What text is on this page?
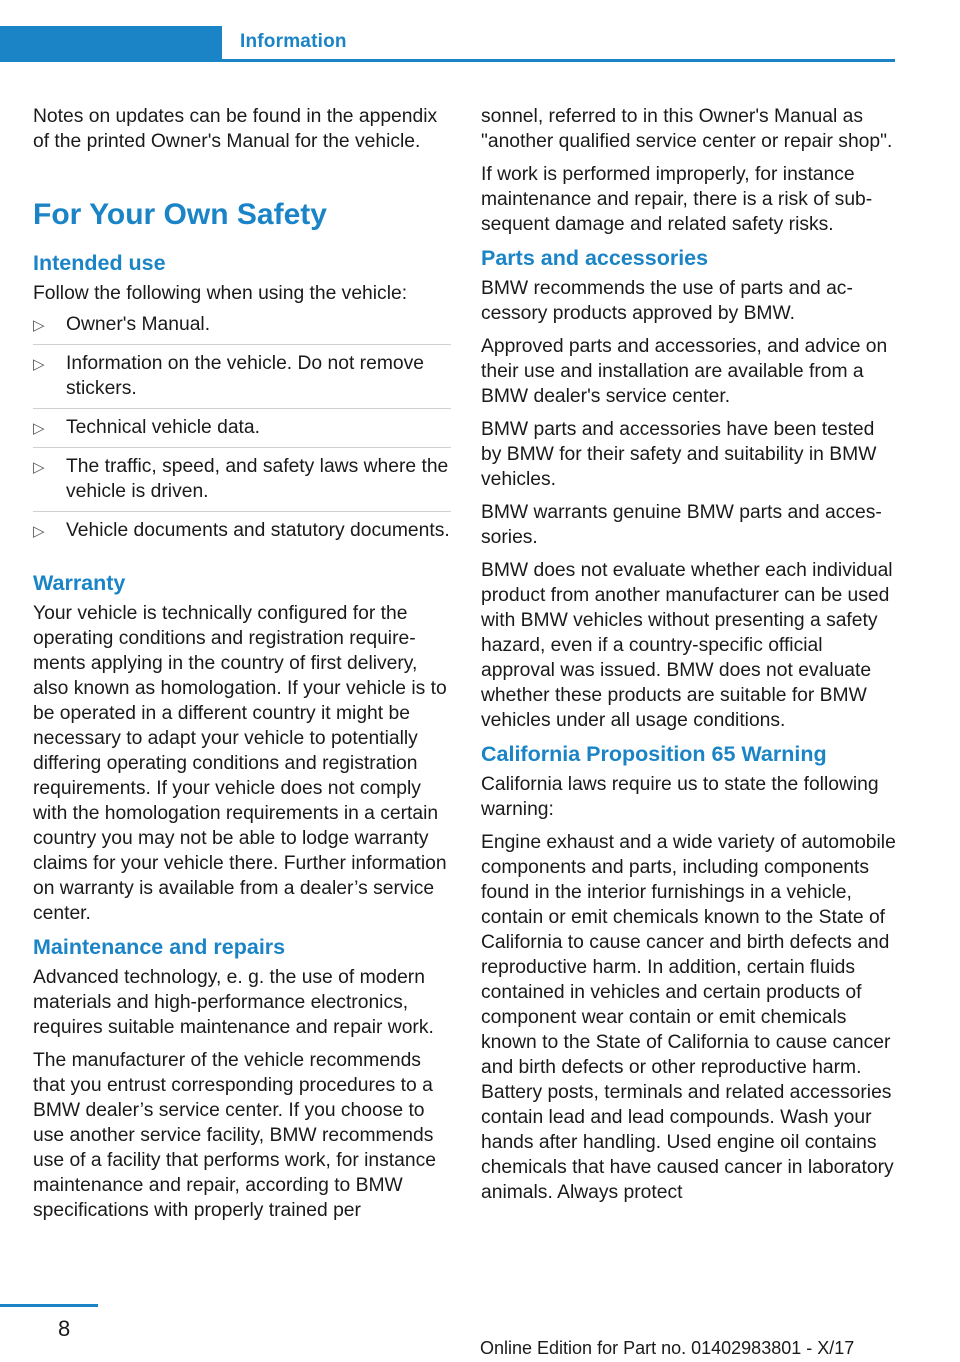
Information

Notes on updates can be found in the appendix of the printed Owner's Manual for the vehicle.

For Your Own Safety
Intended use

Follow the following when using the vehicle:

▷ Owner's Manual.
▷ Information on the vehicle. Do not remove stickers.
▷ Technical vehicle data.
▷ The traffic, speed, and safety laws where the vehicle is driven.
▷ Vehicle documents and statutory documents.
Warranty

Your vehicle is technically configured for the operating conditions and registration requirements applying in the country of first delivery, also known as homologation. If your vehicle is to be operated in a different country it might be necessary to adapt your vehicle to potentially differing operating conditions and registration requirements. If your vehicle does not comply with the homologation requirements in a certain country you may not be able to lodge warranty claims for your vehicle there. Further information on warranty is available from a dealer’s service center.

Maintenance and repairs

Advanced technology, e. g. the use of modern materials and high-performance electronics, requires suitable maintenance and repair work.

The manufacturer of the vehicle recommends that you entrust corresponding procedures to a BMW dealer’s service center. If you choose to use another service facility, BMW recommends use of a facility that performs work, for instance maintenance and repair, according to BMW specifications with properly trained per

sonnel, referred to in this Owner's Manual as "another qualified service center or repair shop".

If work is performed improperly, for instance maintenance and repair, there is a risk of subsequent damage and related safety risks.

Parts and accessories

BMW recommends the use of parts and accessory products approved by BMW.

Approved parts and accessories, and advice on their use and installation are available from a BMW dealer's service center.

BMW parts and accessories have been tested by BMW for their safety and suitability in BMW vehicles.

BMW warrants genuine BMW parts and accessories.

BMW does not evaluate whether each individual product from another manufacturer can be used with BMW vehicles without presenting a safety hazard, even if a country-specific official approval was issued. BMW does not evaluate whether these products are suitable for BMW vehicles under all usage conditions.

California Proposition 65 Warning

California laws require us to state the following warning:

Engine exhaust and a wide variety of automobile components and parts, including components found in the interior furnishings in a vehicle, contain or emit chemicals known to the State of California to cause cancer and birth defects and reproductive harm. In addition, certain fluids contained in vehicles and certain products of component wear contain or emit chemicals known to the State of California to cause cancer and birth defects or other reproductive harm. Battery posts, terminals and related accessories contain lead and lead compounds. Wash your hands after handling. Used engine oil contains chemicals that have caused cancer in laboratory animals. Always protect

8
Online Edition for Part no. 01402983801 - X/17
